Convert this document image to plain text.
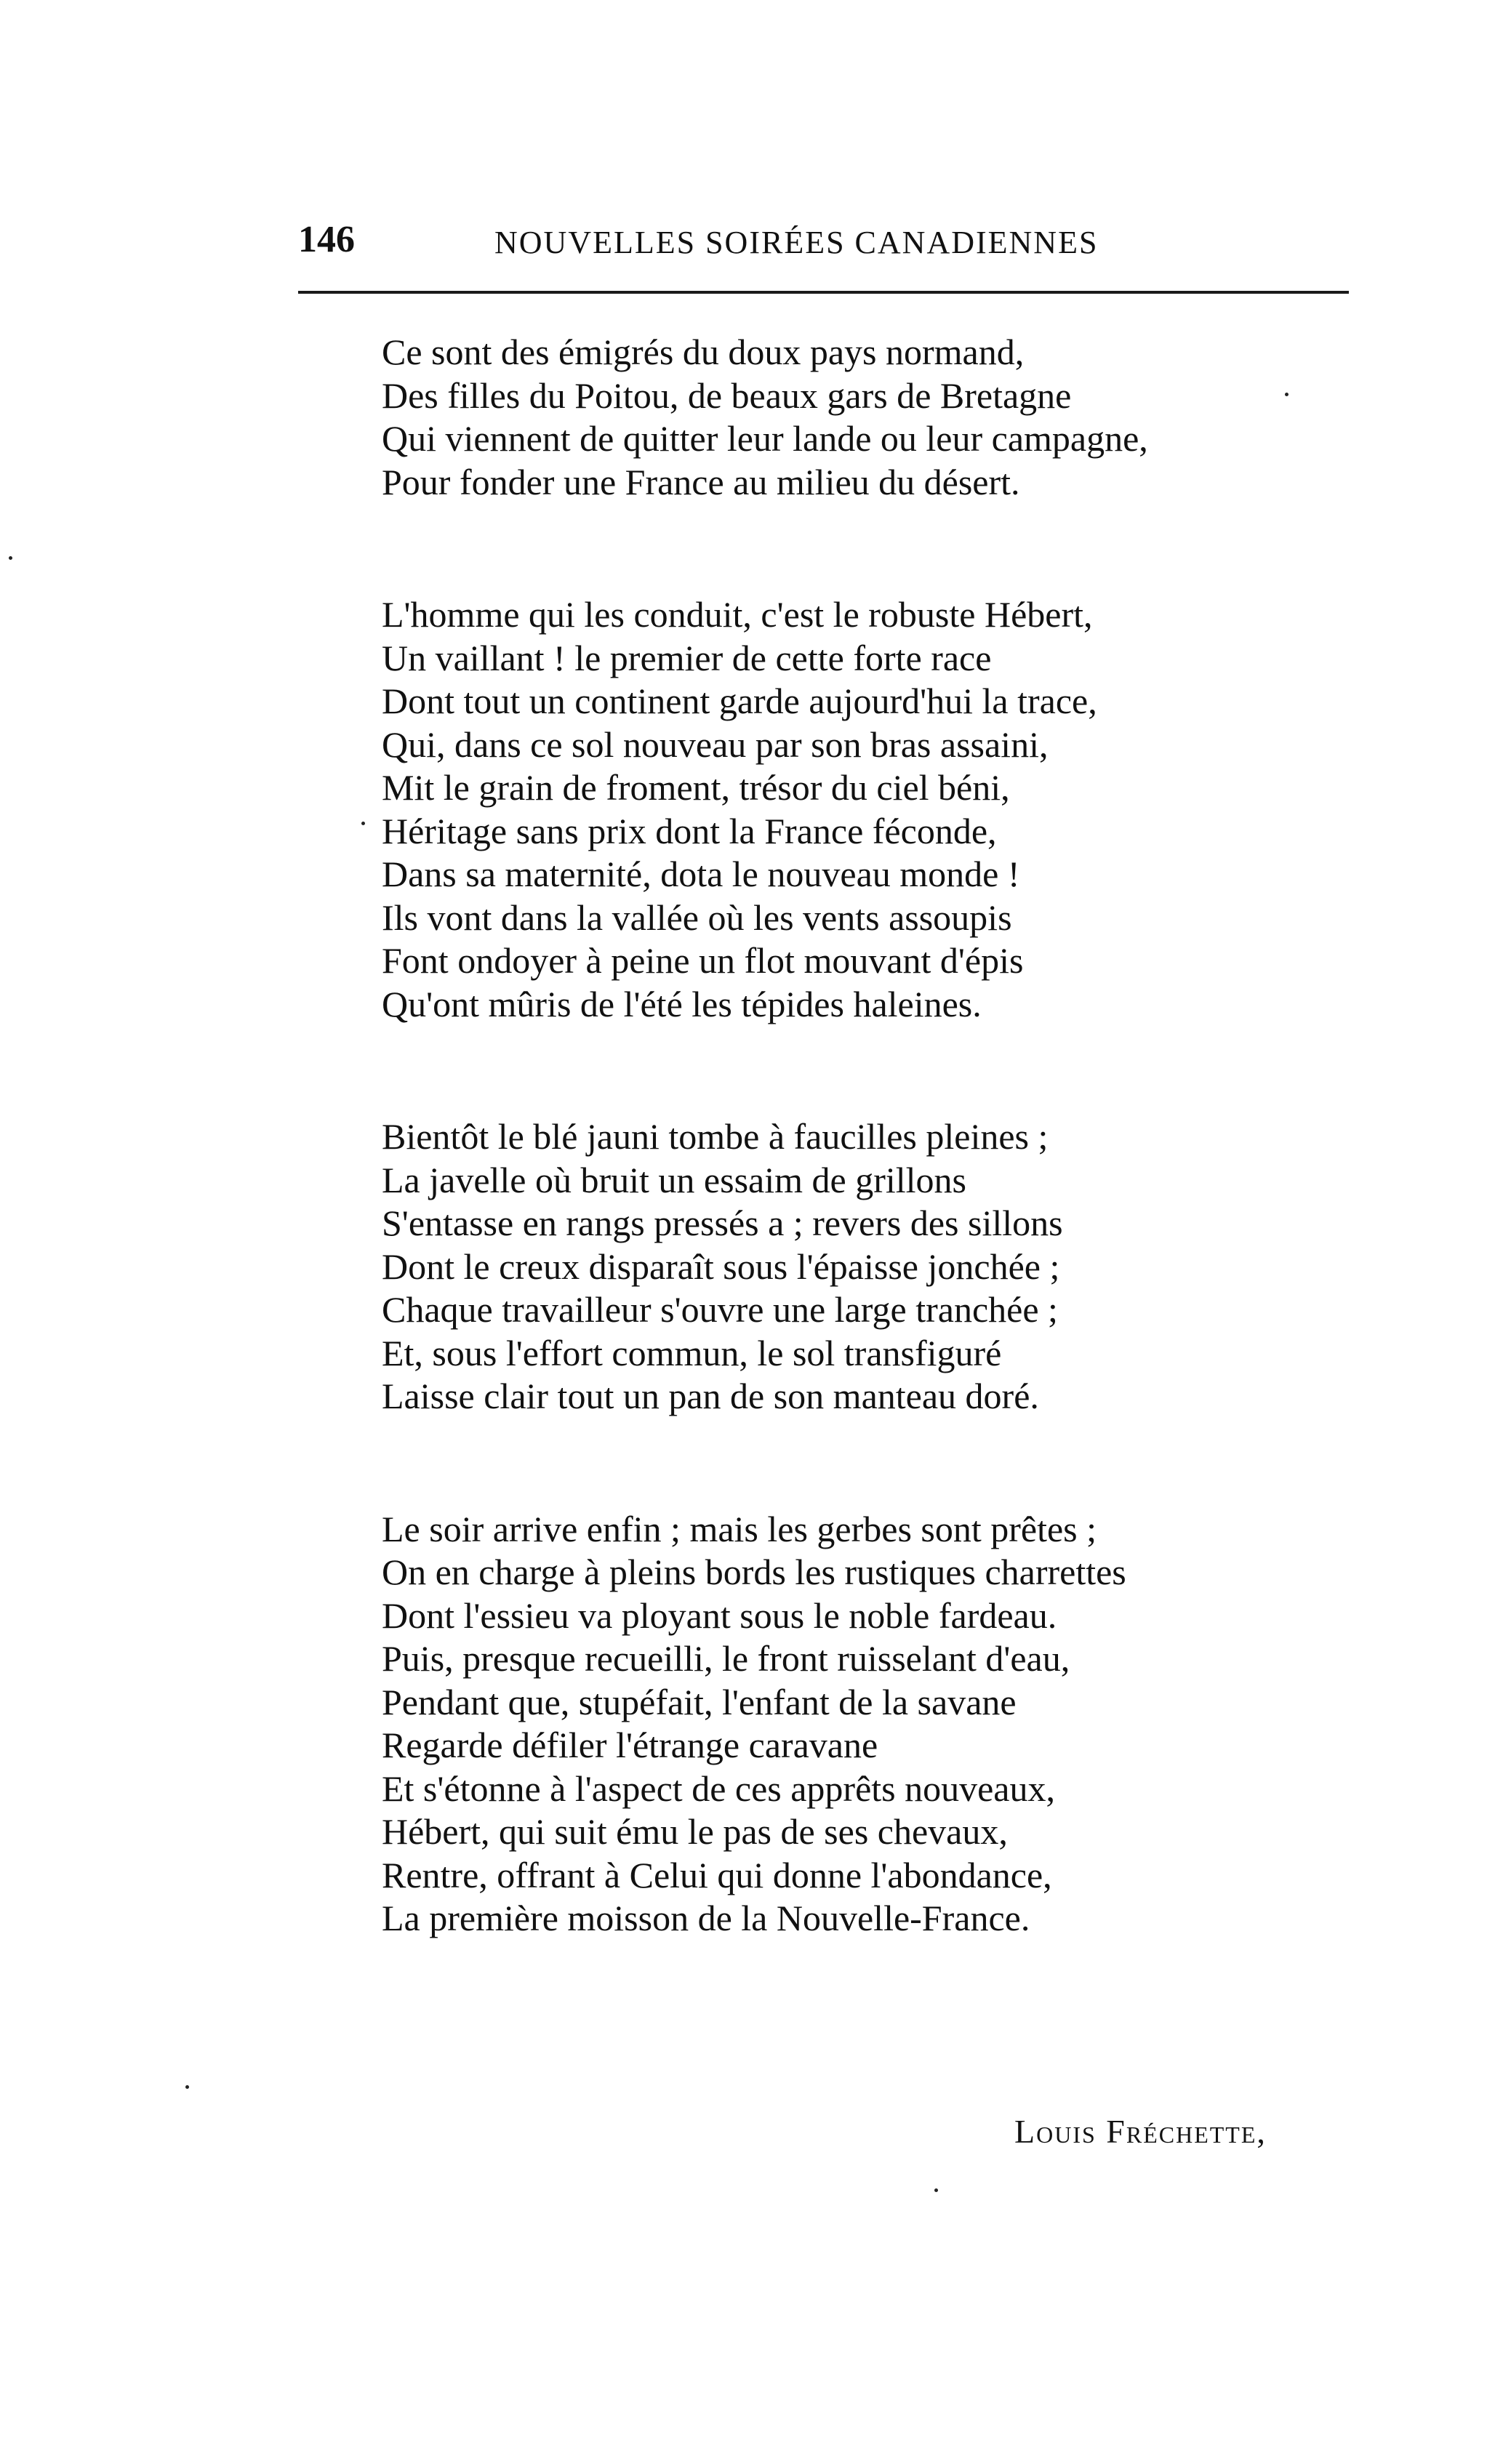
146	NOUVELLES SOIRÉES CANADIENNES
Ce sont des émigrés du doux pays normand,
Des filles du Poitou, de beaux gars de Bretagne
Qui viennent de quitter leur lande ou leur campagne,
Pour fonder une France au milieu du désert.
L'homme qui les conduit, c'est le robuste Hébert,
Un vaillant ! le premier de cette forte race
Dont tout un continent garde aujourd'hui la trace,
Qui, dans ce sol nouveau par son bras assaini,
Mit le grain de froment, trésor du ciel béni,
Héritage sans prix dont la France féconde,
Dans sa maternité, dota le nouveau monde !
Ils vont dans la vallée où les vents assoupis
Font ondoyer à peine un flot mouvant d'épis
Qu'ont mûris de l'été les tépides haleines.
Bientôt le blé jauni tombe à faucilles pleines ;
La javelle où bruit un essaim de grillons
S'entasse en rangs pressés a ; revers des sillons
Dont le creux disparaît sous l'épaisse jonchée ;
Chaque travailleur s'ouvre une large tranchée ;
Et, sous l'effort commun, le sol transfiguré
Laisse clair tout un pan de son manteau doré.
Le soir arrive enfin ; mais les gerbes sont prêtes ;
On en charge à pleins bords les rustiques charrettes
Dont l'essieu va ployant sous le noble fardeau.
Puis, presque recueilli, le front ruisselant d'eau,
Pendant que, stupéfait, l'enfant de la savane
Regarde défiler l'étrange caravane
Et s'étonne à l'aspect de ces apprêts nouveaux,
Hébert, qui suit ému le pas de ses chevaux,
Rentre, offrant à Celui qui donne l'abondance,
La première moisson de la Nouvelle-France.
Louis Fréchette,
